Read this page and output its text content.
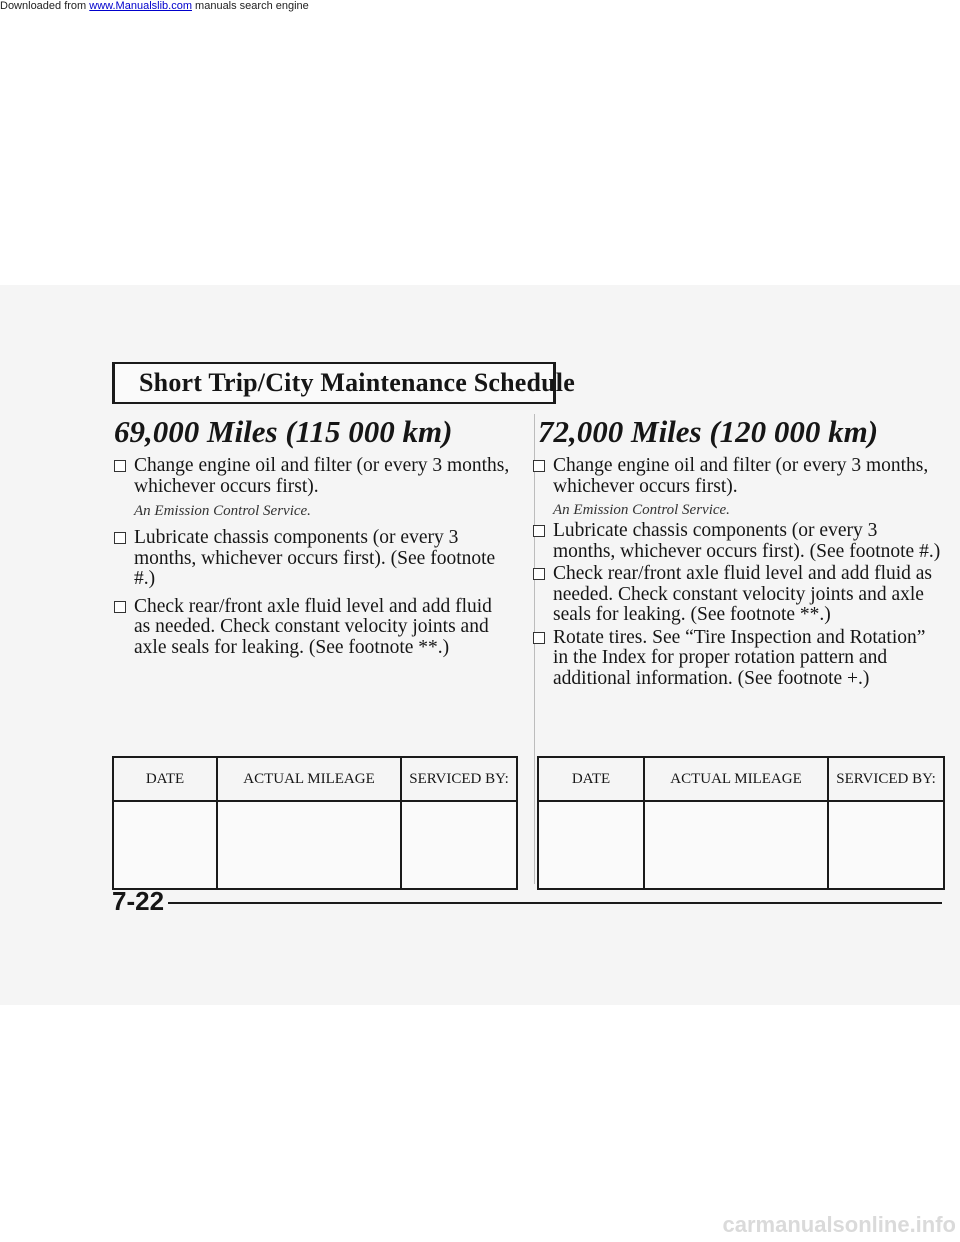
Downloaded from www.Manualslib.com manuals search engine
Short Trip/City Maintenance Schedule
69,000 Miles (115 000 km)
Change engine oil and filter (or every 3 months, whichever occurs first).
An Emission Control Service.
Lubricate chassis components (or every 3 months, whichever occurs first). (See footnote #.)
Check rear/front axle fluid level and add fluid as needed. Check constant velocity joints and axle seals for leaking. (See footnote **.)
DATE	ACTUAL MILEAGE	SERVICED BY:

72,000 Miles (120 000 km)
Change engine oil and filter (or every 3 months, whichever occurs first).
An Emission Control Service.
Lubricate chassis components (or every 3 months, whichever occurs first). (See footnote #.)
Check rear/front axle fluid level and add fluid as needed. Check constant velocity joints and axle seals for leaking. (See footnote **.)
Rotate tires. See “Tire Inspection and Rotation” in the Index for proper rotation pattern and additional information. (See footnote +.)
DATE	ACTUAL MILEAGE	SERVICED BY:

7-22
carmanualsonline.info
